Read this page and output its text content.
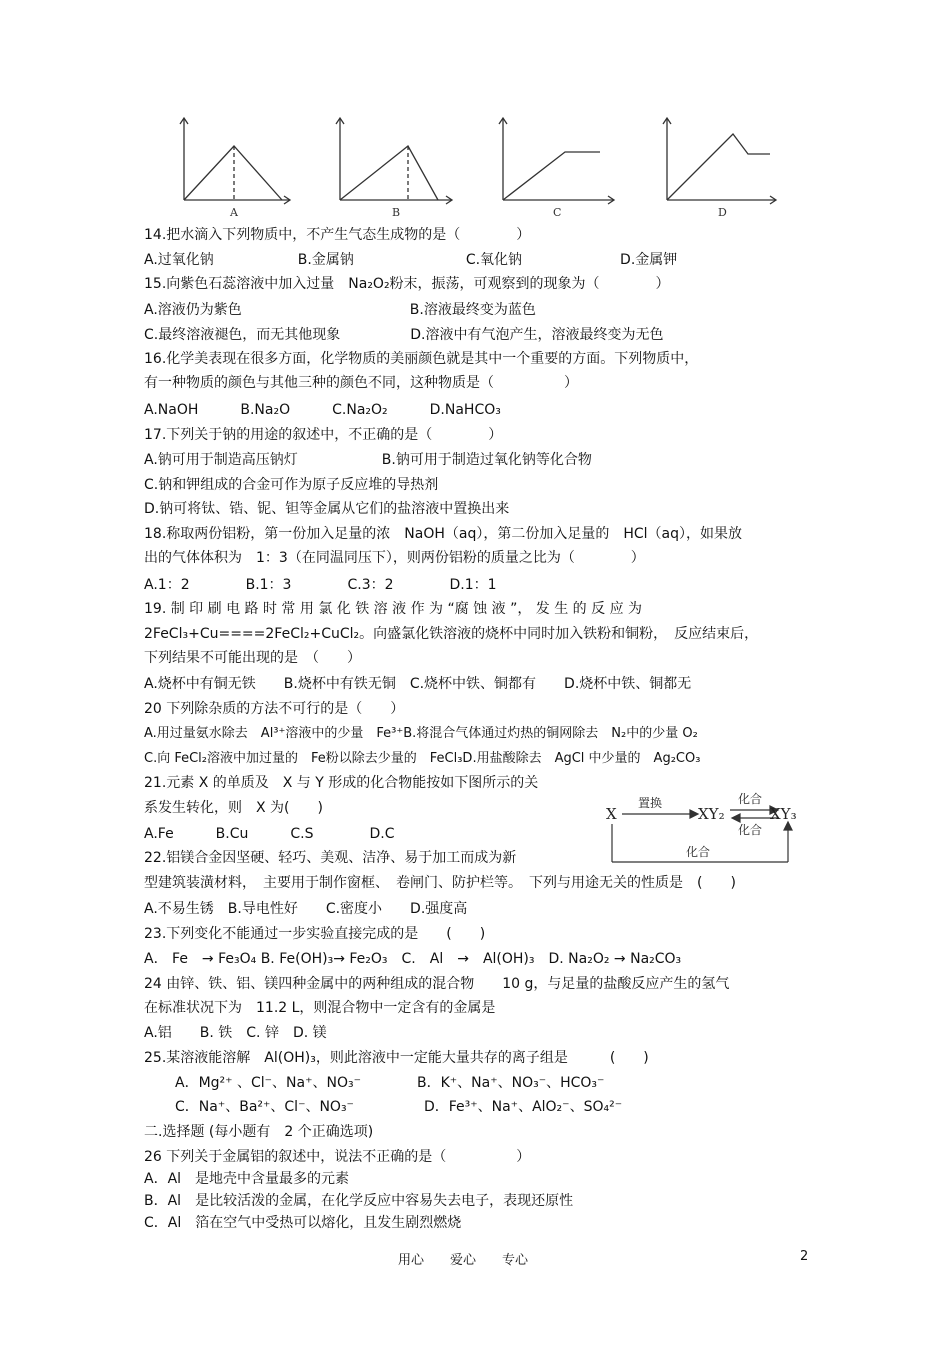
A	B	C	D
14.把水滴入下列物质中，不产生气态生成物的是（　　　　）
A.过氧化钠　　　　　　B.金属钠　　　　　　　　C.氧化钠　　　　　　　D.金属钾
15.向紫色石蕊溶液中加入过量　Na₂O₂粉末，振荡，可观察到的现象为（　　　　）
A.溶液仍为紫色　　　　　　　　　　　　B.溶液最终变为蓝色
C.最终溶液褪色，而无其他现象　　　　　D.溶液中有气泡产生，溶液最终变为无色
16.化学美表现在很多方面，化学物质的美丽颜色就是其中一个重要的方面。下列物质中，
有一种物质的颜色与其他三种的颜色不同，这种物质是（　　　　　）
A.NaOH　　　B.Na₂O　　　C.Na₂O₂　　　D.NaHCO₃
17.下列关于钠的用途的叙述中，不正确的是（　　　　）
A.钠可用于制造高压钠灯　　　　　　B.钠可用于制造过氧化钠等化合物
C.钠和钾组成的合金可作为原子反应堆的导热剂
D.钠可将钛、锆、铌、钽等金属从它们的盐溶液中置换出来
18.称取两份铝粉，第一份加入足量的浓　NaOH（aq），第二份加入足量的　HCl（aq），如果放
出的气体体积为　1：3（在同温同压下），则两份铝粉的质量之比为（　　　　）
A.1：2　　　　B.1：3　　　　C.3：2　　　　D.1：1
19. 制 印 刷 电 路 时 常 用 氯 化 铁 溶 液 作 为 “腐 蚀 液 ”， 发 生 的 反 应 为
2FeCl₃+Cu====2FeCl₂+CuCl₂。向盛氯化铁溶液的烧杯中同时加入铁粉和铜粉，　反应结束后，
下列结果不可能出现的是　（　　）
A.烧杯中有铜无铁　　B.烧杯中有铁无铜　C.烧杯中铁、铜都有　　D.烧杯中铁、铜都无
20 下列除杂质的方法不可行的是（　　）
A.用过量氨水除去　Al³⁺溶液中的少量　Fe³⁺B.将混合气体通过灼热的铜网除去　N₂中的少量 O₂
C.向 FeCl₂溶液中加过量的　Fe粉以除去少量的　FeCl₃D.用盐酸除去　AgCl 中少量的　Ag₂CO₃
21.元素 X 的单质及　X 与 Y 形成的化合物能按如下图所示的关
系发生转化，则　X 为(　　)
A.Fe　　　B.Cu　　　C.S　　　　D.C
22.铝镁合金因坚硬、轻巧、美观、洁净、易于加工而成为新
型建筑装潢材料，　主要用于制作窗框、　卷闸门、防护栏等。　下列与用途无关的性质是　(　　)
A.不易生锈　B.导电性好　　C.密度小　　D.强度高
23.下列变化不能通过一步实验直接完成的是　　(　　)
A． Fe　→ Fe₃O₄ B. Fe(OH)₃→ Fe₂O₃　C.　Al　→　Al(OH)₃　D. Na₂O₂ → Na₂CO₃
24 由锌、铁、铝、镁四种金属中的两种组成的混合物　　10 g，与足量的盐酸反应产生的氢气
在标准状况下为　11.2 L，则混合物中一定含有的金属是
A.铝　　B. 铁　C. 锌　D. 镁
25.某溶液能溶解　Al(OH)₃，则此溶液中一定能大量共存的离子组是　　　(　　)
A．Mg²⁺ 、Cl⁻、Na⁺、NO₃⁻　　　　B．K⁺、Na⁺、NO₃⁻、HCO₃⁻
C．Na⁺、Ba²⁺、Cl⁻、NO₃⁻　　　　　D．Fe³⁺、Na⁺、AlO₂⁻、SO₄²⁻
二.选择题 (每小题有　2 个正确选项)
26 下列关于金属铝的叙述中，说法不正确的是（　　　　　）
A．Al　是地壳中含量最多的元素
B．Al　是比较活泼的金属，在化学反应中容易失去电子，表现还原性
C．Al　箔在空气中受热可以熔化，且发生剧烈燃烧
X	XY₂	XY₃
置换	化合
化合
化合
用心　　爱心　　专心	2
